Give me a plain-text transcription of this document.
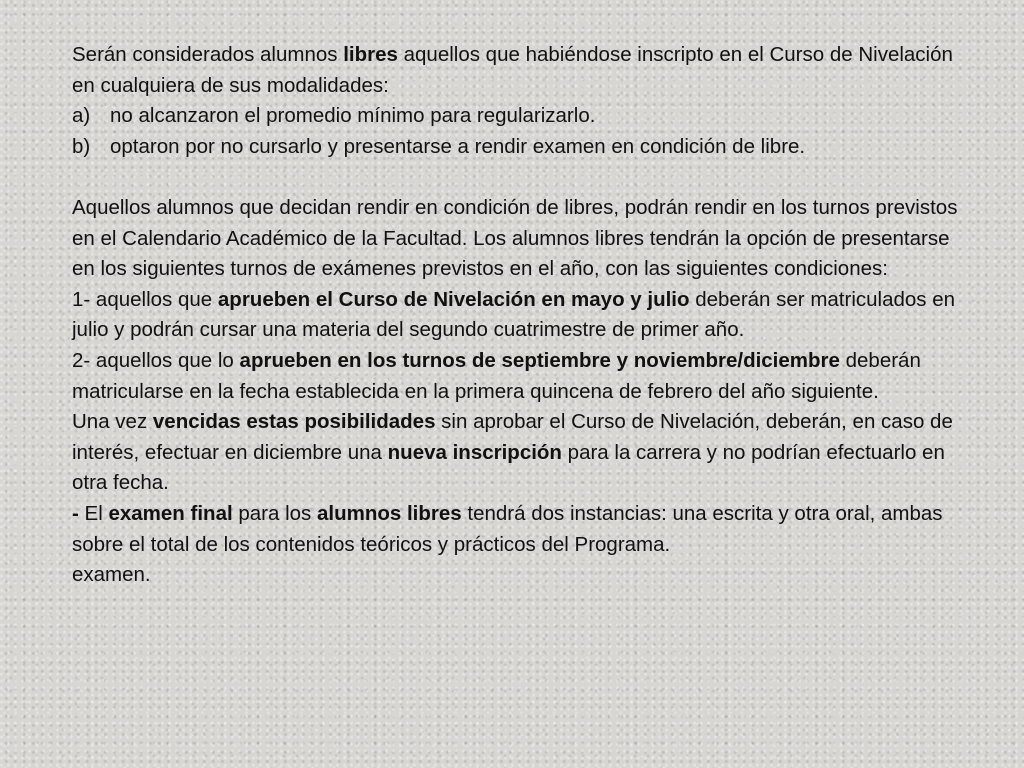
Serán considerados alumnos libres aquellos que habiéndose inscripto en el Curso de Nivelación en cualquiera de sus modalidades:

a) no alcanzaron el promedio mínimo para regularizarlo.
b) optaron por no cursarlo y presentarse a rendir examen en condición de libre.

Aquellos alumnos que decidan rendir en condición de libres, podrán rendir en los turnos previstos en el Calendario Académico de la Facultad. Los alumnos libres tendrán la opción de presentarse en los siguientes turnos de exámenes previstos en el año, con las siguientes condiciones:

1- aquellos que aprueben el Curso de Nivelación en mayo y julio deberán ser matriculados en julio y podrán cursar una materia del segundo cuatrimestre de primer año.

2- aquellos que lo aprueben en los turnos de septiembre y noviembre/diciembre deberán matricularse en la fecha establecida en la primera quincena de febrero del año siguiente.

Una vez vencidas estas posibilidades sin aprobar el Curso de Nivelación, deberán, en caso de interés, efectuar en diciembre una nueva inscripción para la carrera y no podrían efectuarlo en otra fecha.

- El examen final para los alumnos libres tendrá dos instancias: una escrita y otra oral, ambas sobre el total de los contenidos teóricos y prácticos del Programa.

examen.
